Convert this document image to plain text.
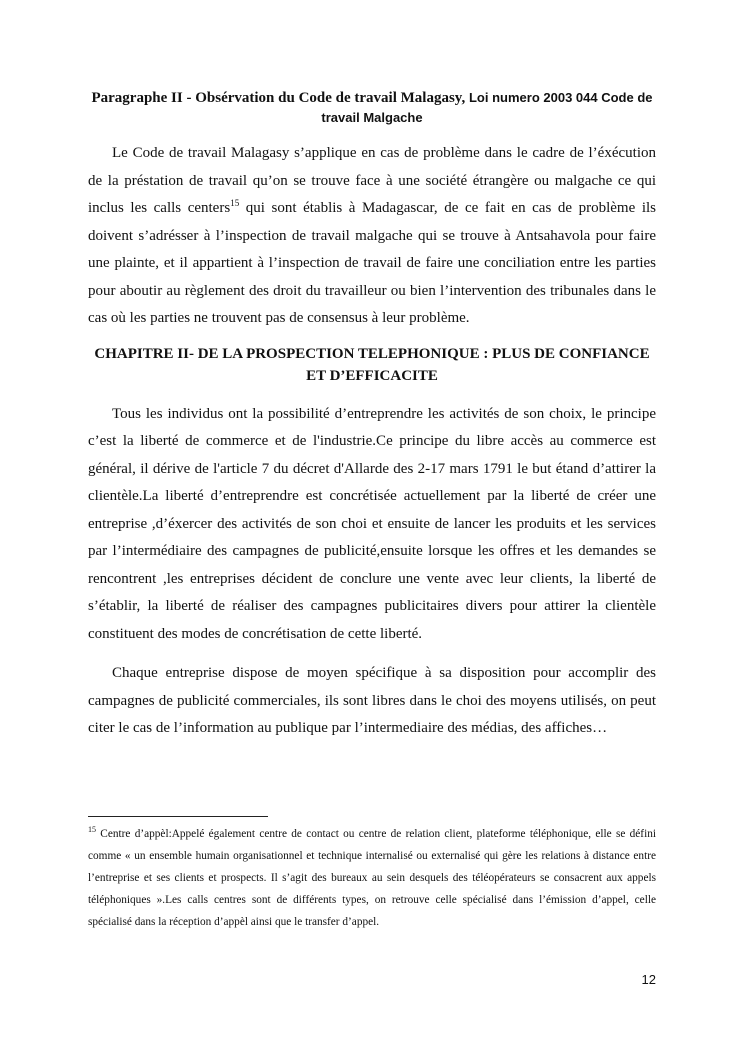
Paragraphe II - Obsérvation du Code de travail Malagasy, Loi numero 2003 044 Code de travail Malgache

Le Code de travail Malagasy s’applique en cas de problème dans le cadre de l’éxécution de la préstation de travail qu’on se trouve face à une société étrangère ou malgache ce qui inclus les calls centers$^{15}$ qui sont établis à Madagascar, de ce fait en cas de problème ils doivent s’adrésser à l’inspection de travail malgache qui se trouve à Antsahavola pour faire une plainte, et il appartient à l’inspection de travail de faire une conciliation entre les parties pour aboutir au règlement des droit du travailleur ou bien l’intervention des tribunales dans le cas où les parties ne trouvent pas de consensus à leur problème.

CHAPITRE II- DE LA PROSPECTION TELEPHONIQUE : PLUS DE CONFIANCE ET D’EFFICACITE

Tous les individus ont la possibilité d’entreprendre les activités de son choix, le principe c’est la liberté de commerce et de l'industrie.Ce principe du libre accès au commerce est général, il dérive de l'article 7 du décret d'Allarde des 2-17 mars 1791 le but étand d’attirer la clientèle.La liberté d’entreprendre est concrétisée actuellement par la liberté de créer une entreprise ,d’éxercer des activités de son choi et ensuite de lancer les produits et les services par l’intermédiaire des campagnes de publicité,ensuite lorsque les offres et les demandes se rencontrent ,les entreprises décident de conclure une vente avec leur clients, la liberté de s’établir, la liberté de réaliser des campagnes publicitaires divers pour attirer la clientèle constituent des modes de concrétisation de cette liberté.

Chaque entreprise dispose de moyen spécifique à sa disposition pour accomplir des campagnes de publicité commerciales, ils sont libres dans le choi des moyens utilisés, on peut citer le cas de l’information au publique par l’intermediaire des médias, des affiches…

$^{15}$ Centre d’appèl:Appelé également centre de contact ou centre de relation client, plateforme téléphonique, elle se défini comme « un ensemble humain organisationnel et technique internalisé ou externalisé qui gère les relations à distance entre l’entreprise et ses clients et prospects. Il s’agit des bureaux au sein desquels des téléopérateurs se consacrent aux appels téléphoniques ».Les calls centres sont de différents types, on retrouve celle spécialisé dans l’émission d’appel, celle spécialisé dans la réception d’appèl ainsi que le transfer d’appel.

12
